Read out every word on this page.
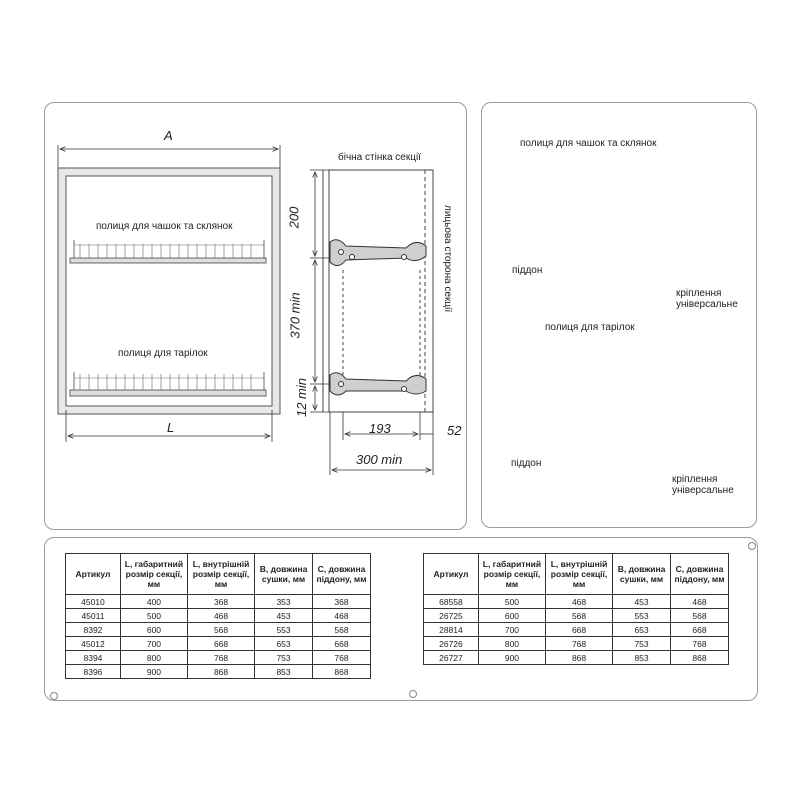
A
полиця для чашок та склянок
полиця для тарілок
L
бічна стінка секції
лицьова сторона секції
200
370 min
12 min
193	52
300 min
полиця для чашок та склянок
піддон
кріплення
універсальне
полиця для тарілок
піддон
кріплення
універсальне
Артикул	L, габаритний розмір секції, мм	L, внутрішній розмір секції, мм	B, довжина сушки, мм	C, довжина піддону, мм
45010	400	368	353	368
45011	500	468	453	468
8392	600	568	553	568
45012	700	668	653	668
8394	800	768	753	768
8396	900	868	853	868
Артикул	L, габаритний розмір секції, мм	L, внутрішній розмір секції, мм	B, довжина сушки, мм	C, довжина піддону, мм
68558	500	468	453	468
26725	600	568	553	568
28814	700	668	653	668
26726	800	768	753	768
26727	900	868	853	868
